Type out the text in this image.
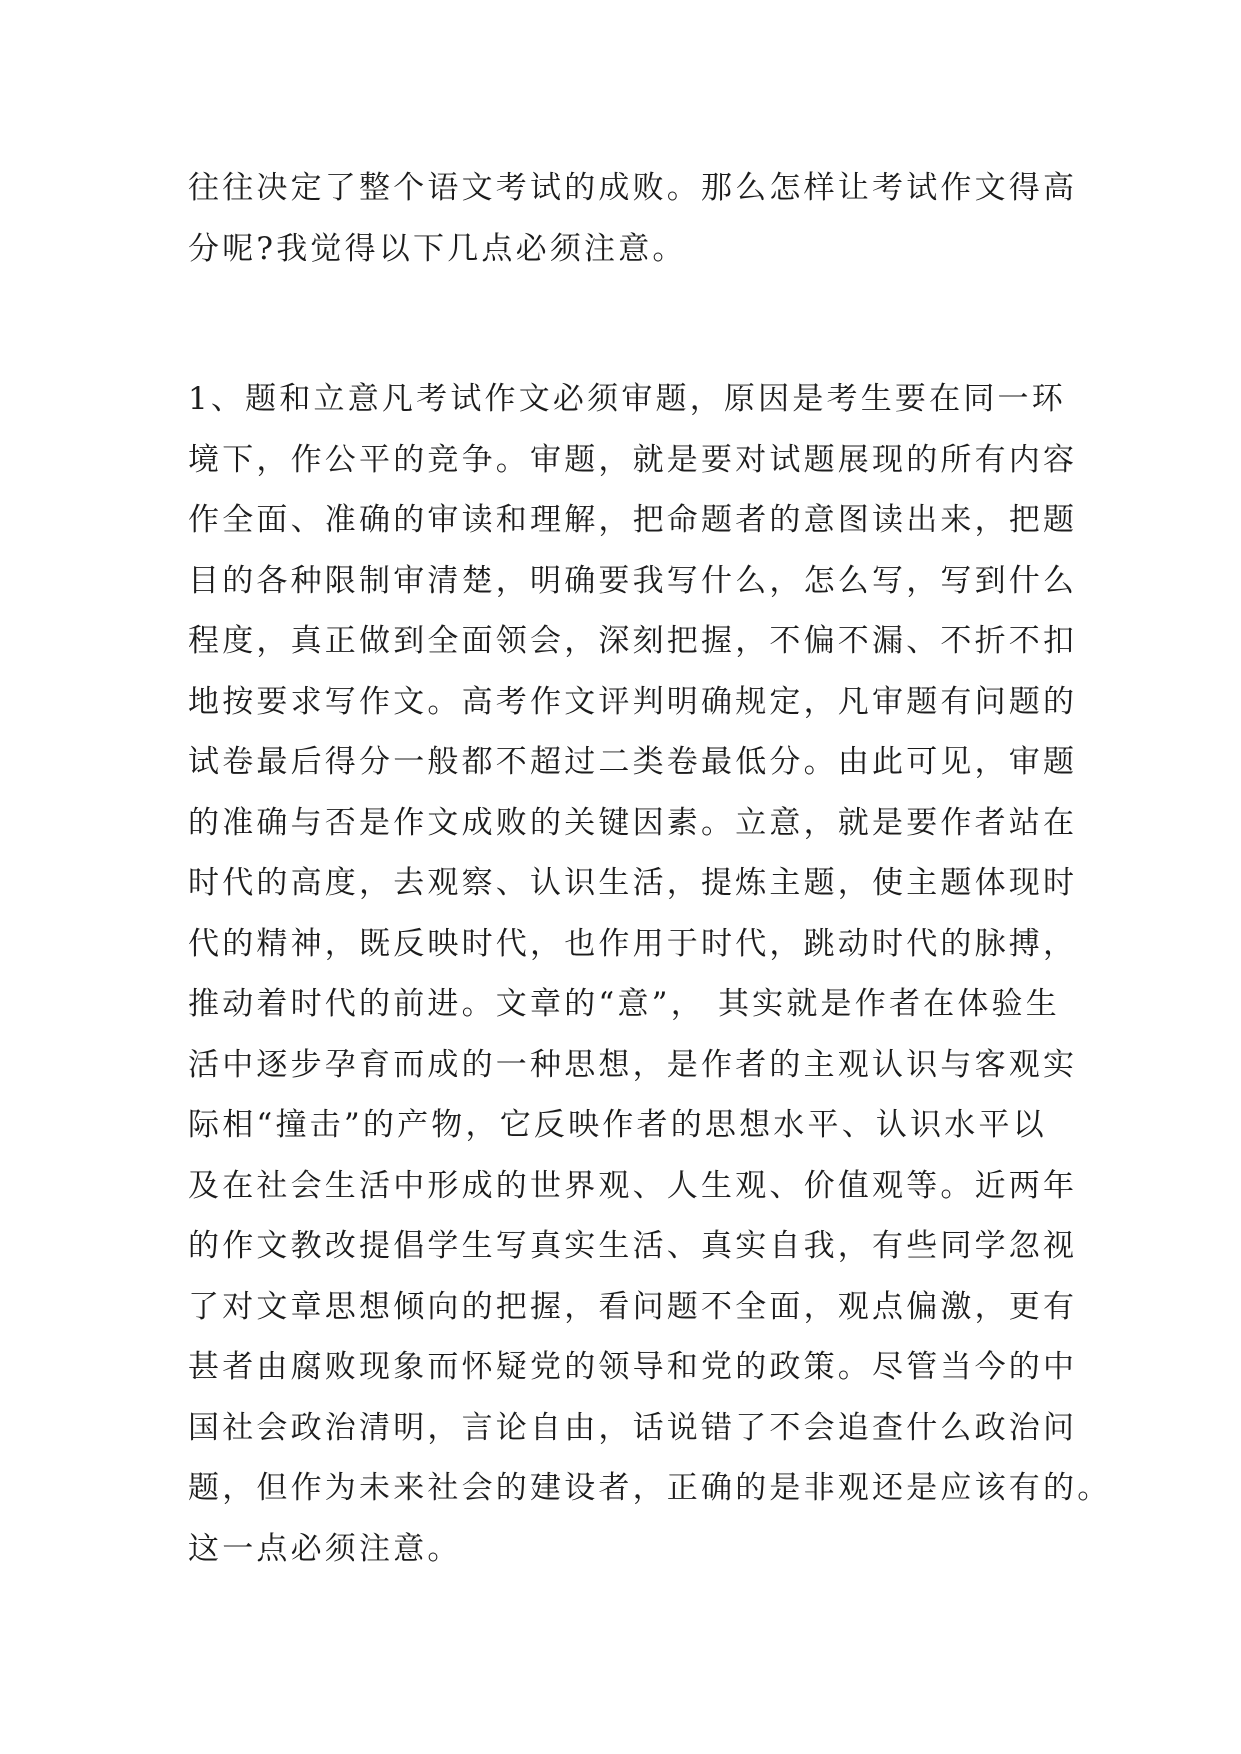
往往决定了整个语文考试的成败。那么怎样让考试作文得高
分呢?我觉得以下几点必须注意。
1、题和立意凡考试作文必须审题，原因是考生要在同一环
境下，作公平的竞争。审题，就是要对试题展现的所有内容
作全面、准确的审读和理解，把命题者的意图读出来，把题
目的各种限制审清楚，明确要我写什么，怎么写，写到什么
程度，真正做到全面领会，深刻把握，不偏不漏、不折不扣
地按要求写作文。高考作文评判明确规定，凡审题有问题的
试卷最后得分一般都不超过二类卷最低分。由此可见，审题
的准确与否是作文成败的关键因素。立意，就是要作者站在
时代的高度，去观察、认识生活，提炼主题，使主题体现时
代的精神，既反映时代，也作用于时代，跳动时代的脉搏，
推动着时代的前进。文章的“意”， 其实就是作者在体验生
活中逐步孕育而成的一种思想，是作者的主观认识与客观实
际相“撞击”的产物，它反映作者的思想水平、认识水平以
及在社会生活中形成的世界观、人生观、价值观等。近两年
的作文教改提倡学生写真实生活、真实自我，有些同学忽视
了对文章思想倾向的把握，看问题不全面，观点偏激，更有
甚者由腐败现象而怀疑党的领导和党的政策。尽管当今的中
国社会政治清明，言论自由，话说错了不会追查什么政治问
题，但作为未来社会的建设者，正确的是非观还是应该有的。
这一点必须注意。
